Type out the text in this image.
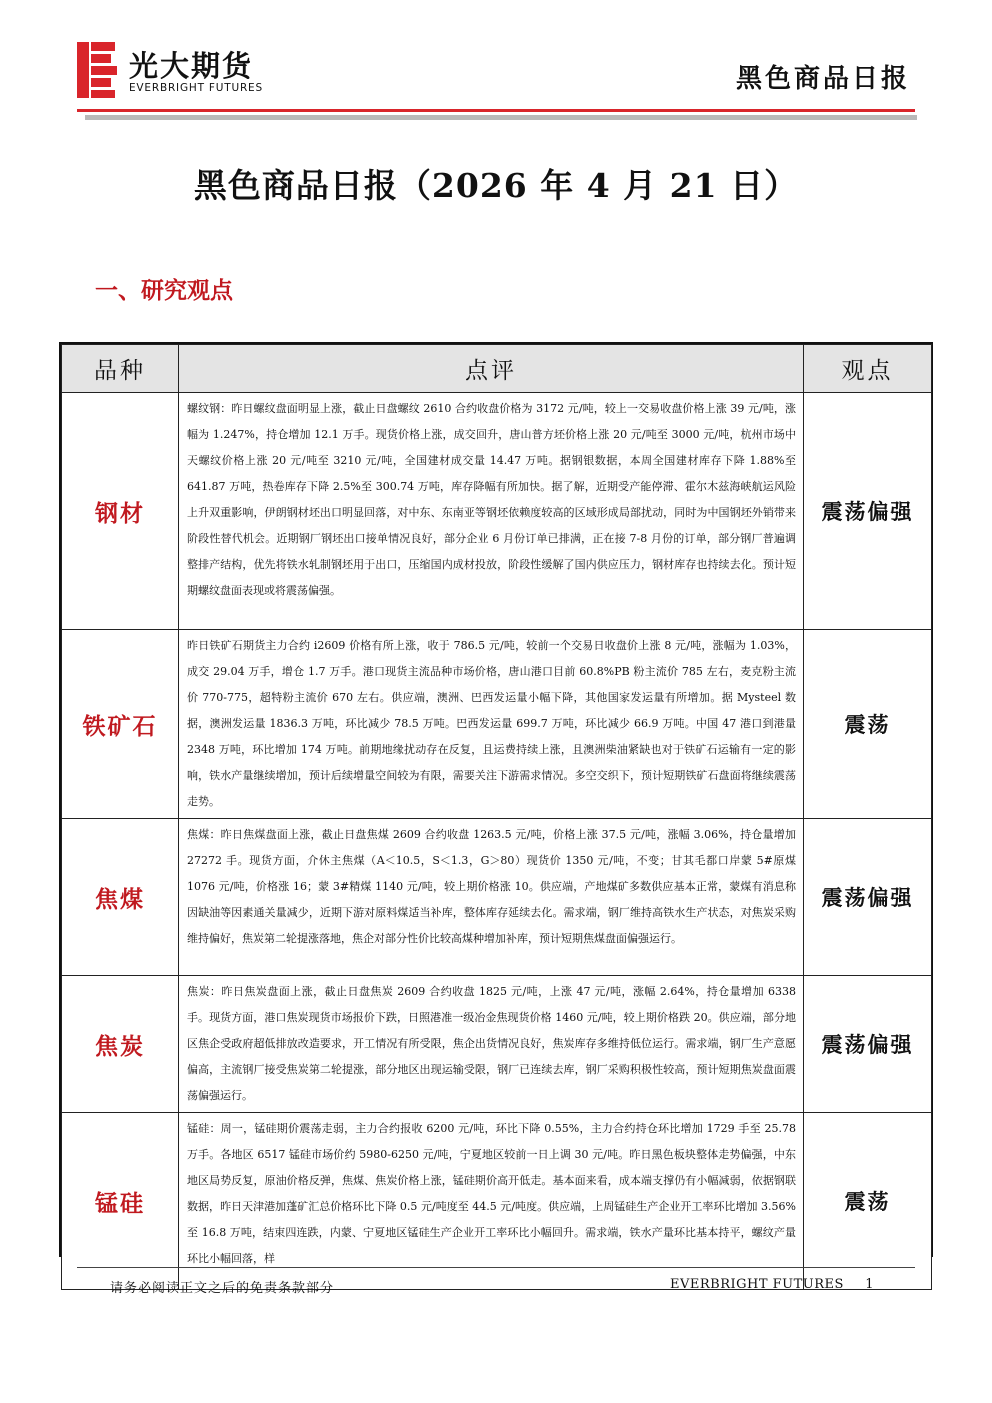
光大期货
EVERBRIGHT FUTURES	黑色商品日报
黑色商品日报（2026 年 4 月 21 日）
一、研究观点
品种	点评	观点
钢材	螺纹钢：昨日螺纹盘面明显上涨，截止日盘螺纹 2610 合约收盘价格为 3172 元/吨，较上一交易收盘价格上涨 39 元/吨，涨幅为 1.247%，持仓增加 12.1 万手。现货价格上涨，成交回升，唐山普方坯价格上涨 20 元/吨至 3000 元/吨，杭州市场中天螺纹价格上涨 20 元/吨至 3210 元/吨，全国建材成交量 14.47 万吨。据钢银数据，本周全国建材库存下降 1.88%至 641.87 万吨，热卷库存下降 2.5%至 300.74 万吨，库存降幅有所加快。据了解，近期受产能停滞、霍尔木兹海峡航运风险上升双重影响，伊朗钢材坯出口明显回落，对中东、东南亚等钢坯依赖度较高的区域形成局部扰动，同时为中国钢坯外销带来阶段性替代机会。近期钢厂钢坯出口接单情况良好，部分企业 6 月份订单已排满，正在接 7-8 月份的订单，部分钢厂普遍调整排产结构，优先将铁水轧制钢坯用于出口，压缩国内成材投放，阶段性缓解了国内供应压力，钢材库存也持续去化。预计短期螺纹盘面表现或将震荡偏强。	震荡偏强
铁矿石	昨日铁矿石期货主力合约 i2609 价格有所上涨，收于 786.5 元/吨，较前一个交易日收盘价上涨 8 元/吨，涨幅为 1.03%，成交 29.04 万手，增仓 1.7 万手。港口现货主流品种市场价格，唐山港口目前 60.8%PB 粉主流价 785 左右，麦克粉主流价 770-775，超特粉主流价 670 左右。供应端，澳洲、巴西发运量小幅下降，其他国家发运量有所增加。据 Mysteel 数据，澳洲发运量 1836.3 万吨，环比减少 78.5 万吨。巴西发运量 699.7 万吨，环比减少 66.9 万吨。中国 47 港口到港量 2348 万吨，环比增加 174 万吨。前期地缘扰动存在反复，且运费持续上涨，且澳洲柴油紧缺也对于铁矿石运输有一定的影响，铁水产量继续增加，预计后续增量空间较为有限，需要关注下游需求情况。多空交织下，预计短期铁矿石盘面将继续震荡走势。	震荡
焦煤	焦煤：昨日焦煤盘面上涨，截止日盘焦煤 2609 合约收盘 1263.5 元/吨，价格上涨 37.5 元/吨，涨幅 3.06%，持仓量增加 27272 手。现货方面，介休主焦煤（A＜10.5，S＜1.3，G＞80）现货价 1350 元/吨，不变；甘其毛都口岸蒙 5#原煤 1076 元/吨，价格涨 16；蒙 3#精煤 1140 元/吨，较上期价格涨 10。供应端，产地煤矿多数供应基本正常，蒙煤有消息称因缺油等因素通关量减少，近期下游对原料煤适当补库，整体库存延续去化。需求端，钢厂维持高铁水生产状态，对焦炭采购维持偏好，焦炭第二轮提涨落地，焦企对部分性价比较高煤种增加补库，预计短期焦煤盘面偏强运行。	震荡偏强
焦炭	焦炭：昨日焦炭盘面上涨，截止日盘焦炭 2609 合约收盘 1825 元/吨，上涨 47 元/吨，涨幅 2.64%，持仓量增加 6338 手。现货方面，港口焦炭现货市场报价下跌，日照港准一级冶金焦现货价格 1460 元/吨，较上期价格跌 20。供应端，部分地区焦企受政府超低排放改造要求，开工情况有所受限，焦企出货情况良好，焦炭库存多维持低位运行。需求端，钢厂生产意愿偏高，主流钢厂接受焦炭第二轮提涨，部分地区出现运输受限，钢厂已连续去库，钢厂采购积极性较高，预计短期焦炭盘面震荡偏强运行。	震荡偏强
锰硅	锰硅：周一，锰硅期价震荡走弱，主力合约报收 6200 元/吨，环比下降 0.55%，主力合约持仓环比增加 1729 手至 25.78 万手。各地区 6517 锰硅市场价约 5980-6250 元/吨，宁夏地区较前一日上调 30 元/吨。昨日黑色板块整体走势偏强，中东地区局势反复，原油价格反弹，焦煤、焦炭价格上涨，锰硅期价高开低走。基本面来看，成本端支撑仍有小幅减弱，依据钢联数据，昨日天津港加蓬矿汇总价格环比下降 0.5 元/吨度至 44.5 元/吨度。供应端，上周锰硅生产企业开工率环比增加 3.56%至 16.8 万吨，结束四连跌，内蒙、宁夏地区锰硅生产企业开工率环比小幅回升。需求端，铁水产量环比基本持平，螺纹产量环比小幅回落，样	震荡
请务必阅读正文之后的免责条款部分	EVERBRIGHT FUTURES 1
